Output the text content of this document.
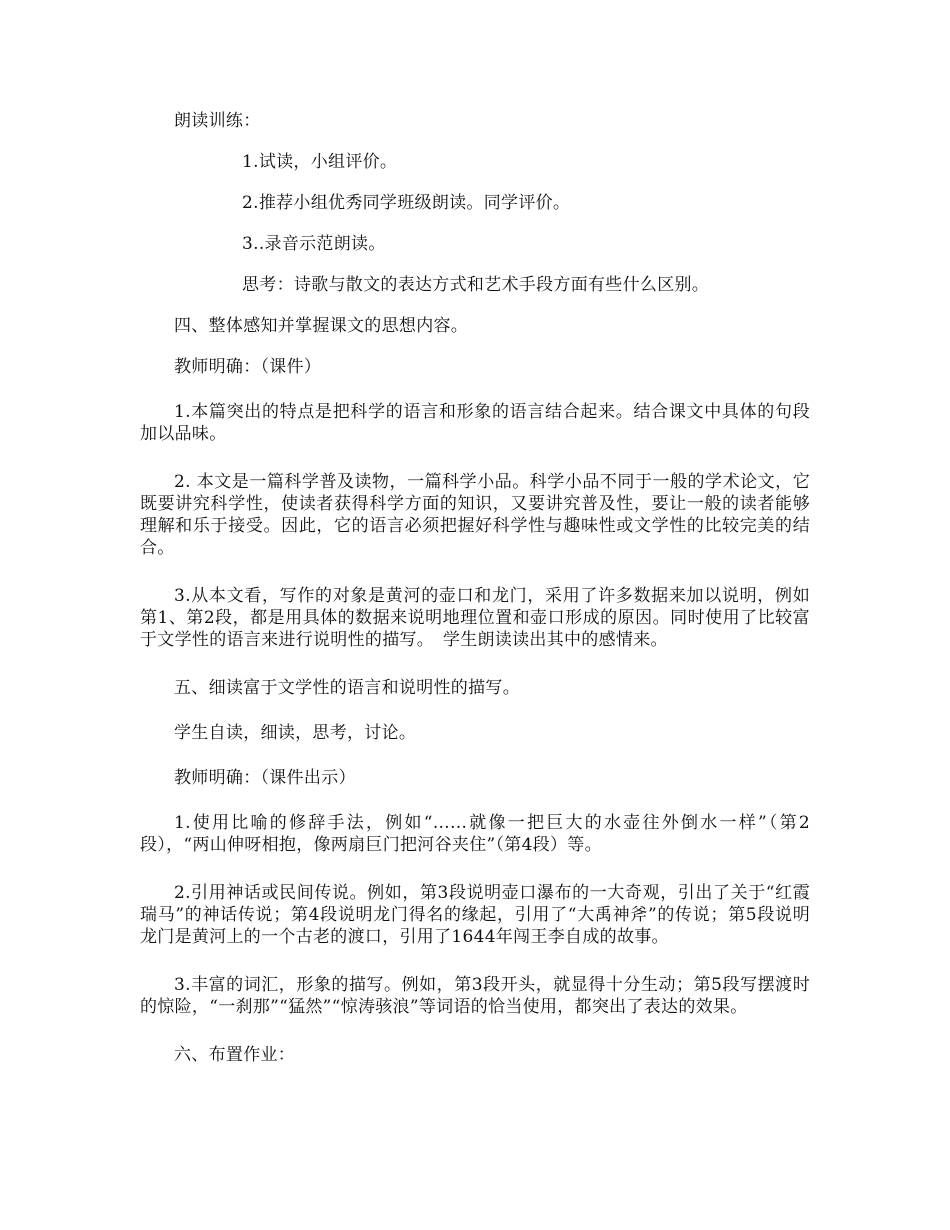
朗读训练：

1.试读，小组评价。

2.推荐小组优秀同学班级朗读。同学评价。

3..录音示范朗读。

思考：诗歌与散文的表达方式和艺术手段方面有些什么区别。

四、整体感知并掌握课文的思想内容。

教师明确：（课件）

1.本篇突出的特点是把科学的语言和形象的语言结合起来。结合课文中具体的句段加以品味。

2. 本文是一篇科学普及读物，一篇科学小品。科学小品不同于一般的学术论文，它既要讲究科学性，使读者获得科学方面的知识，又要讲究普及性，要让一般的读者能够理解和乐于接受。因此，它的语言必须把握好科学性与趣味性或文学性的比较完美的结合。

3.从本文看，写作的对象是黄河的壶口和龙门，采用了许多数据来加以说明，例如第1、第2段，都是用具体的数据来说明地理位置和壶口形成的原因。同时使用了比较富于文学性的语言来进行说明性的描写。　学生朗读读出其中的感情来。

五、细读富于文学性的语言和说明性的描写。

学生自读，细读，思考，讨论。

教师明确：（课件出示）

1.使用比喻的修辞手法，例如“……就像一把巨大的水壶往外倒水一样”（第2段），“两山伸呀相抱，像两扇巨门把河谷夹住”（第4段）等。

2.引用神话或民间传说。例如，第3段说明壶口瀑布的一大奇观，引出了关于“红霞瑞马”的神话传说；第4段说明龙门得名的缘起，引用了“大禹神斧”的传说；第5段说明龙门是黄河上的一个古老的渡口，引用了1644年闯王李自成的故事。

3.丰富的词汇，形象的描写。例如，第3段开头，就显得十分生动；第5段写摆渡时的惊险，“一刹那”“猛然”“惊涛骇浪”等词语的恰当使用，都突出了表达的效果。

六、布置作业：
